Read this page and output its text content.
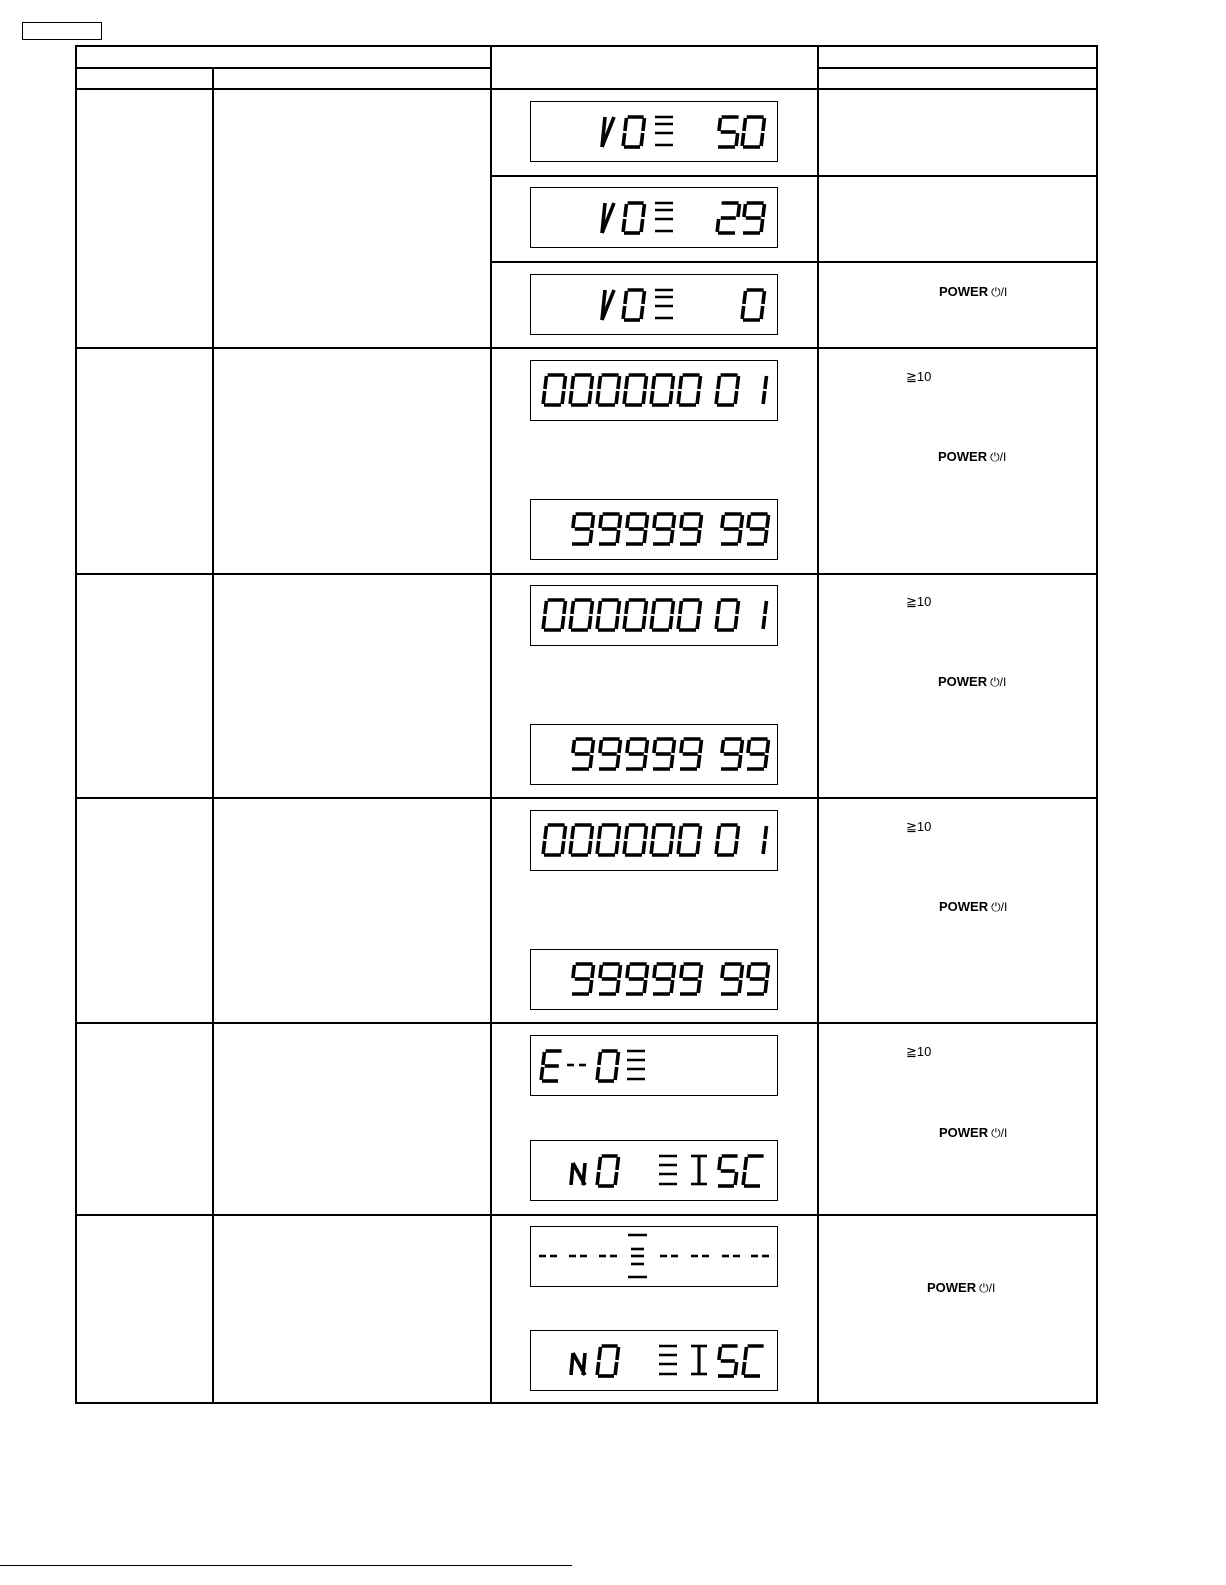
POWER ⏻/I
≧10
POWER ⏻/I
≧10
POWER ⏻/I
≧10
POWER ⏻/I
≧10
POWER ⏻/I
POWER ⏻/I
